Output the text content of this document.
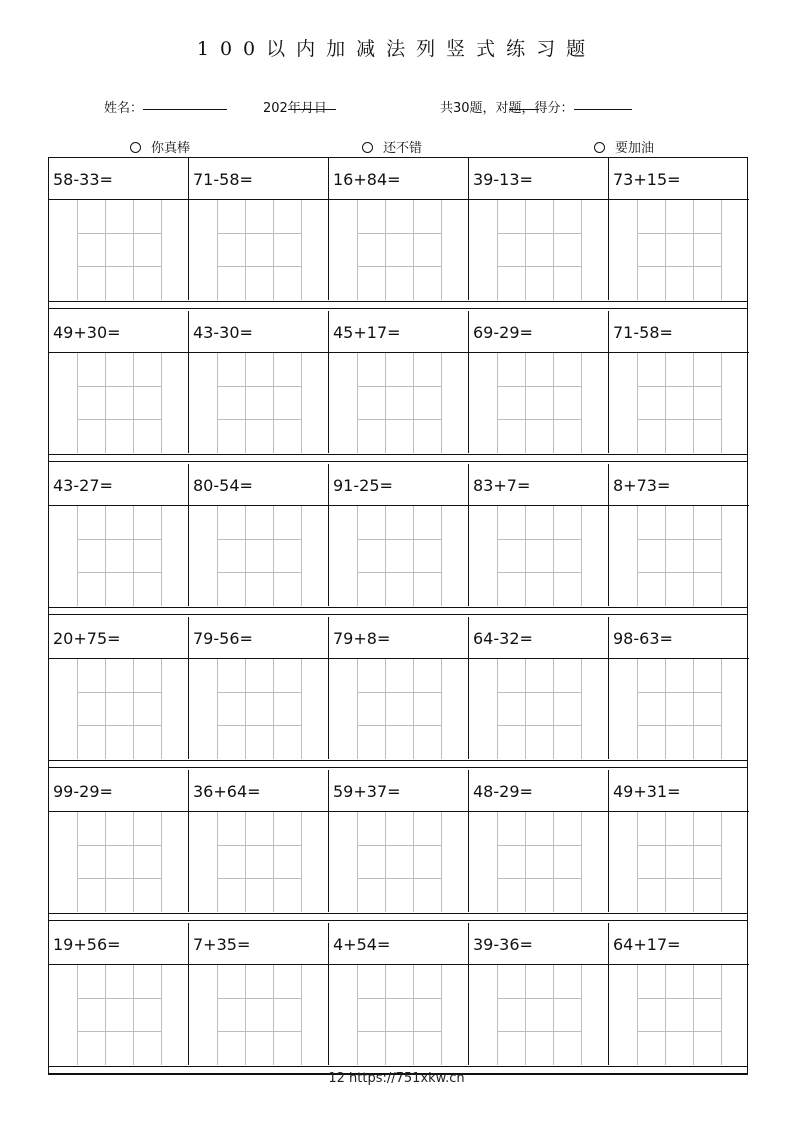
100以内加减法列竖式练习题
姓名：	202
年
月
日	共30题，对
题，得分：
你真棒	还不错	要加油
58-33=	71-58=	16+84=	39-13=	73+15=
49+30=	43-30=	45+17=	69-29=	71-58=
43-27=	80-54=	91-25=	83+7=	8+73=
20+75=	79-56=	79+8=	64-32=	98-63=
99-29=	36+64=	59+37=	48-29=	49+31=
19+56=	7+35=	4+54=	39-36=	64+17=
12 https://751xkw.cn
